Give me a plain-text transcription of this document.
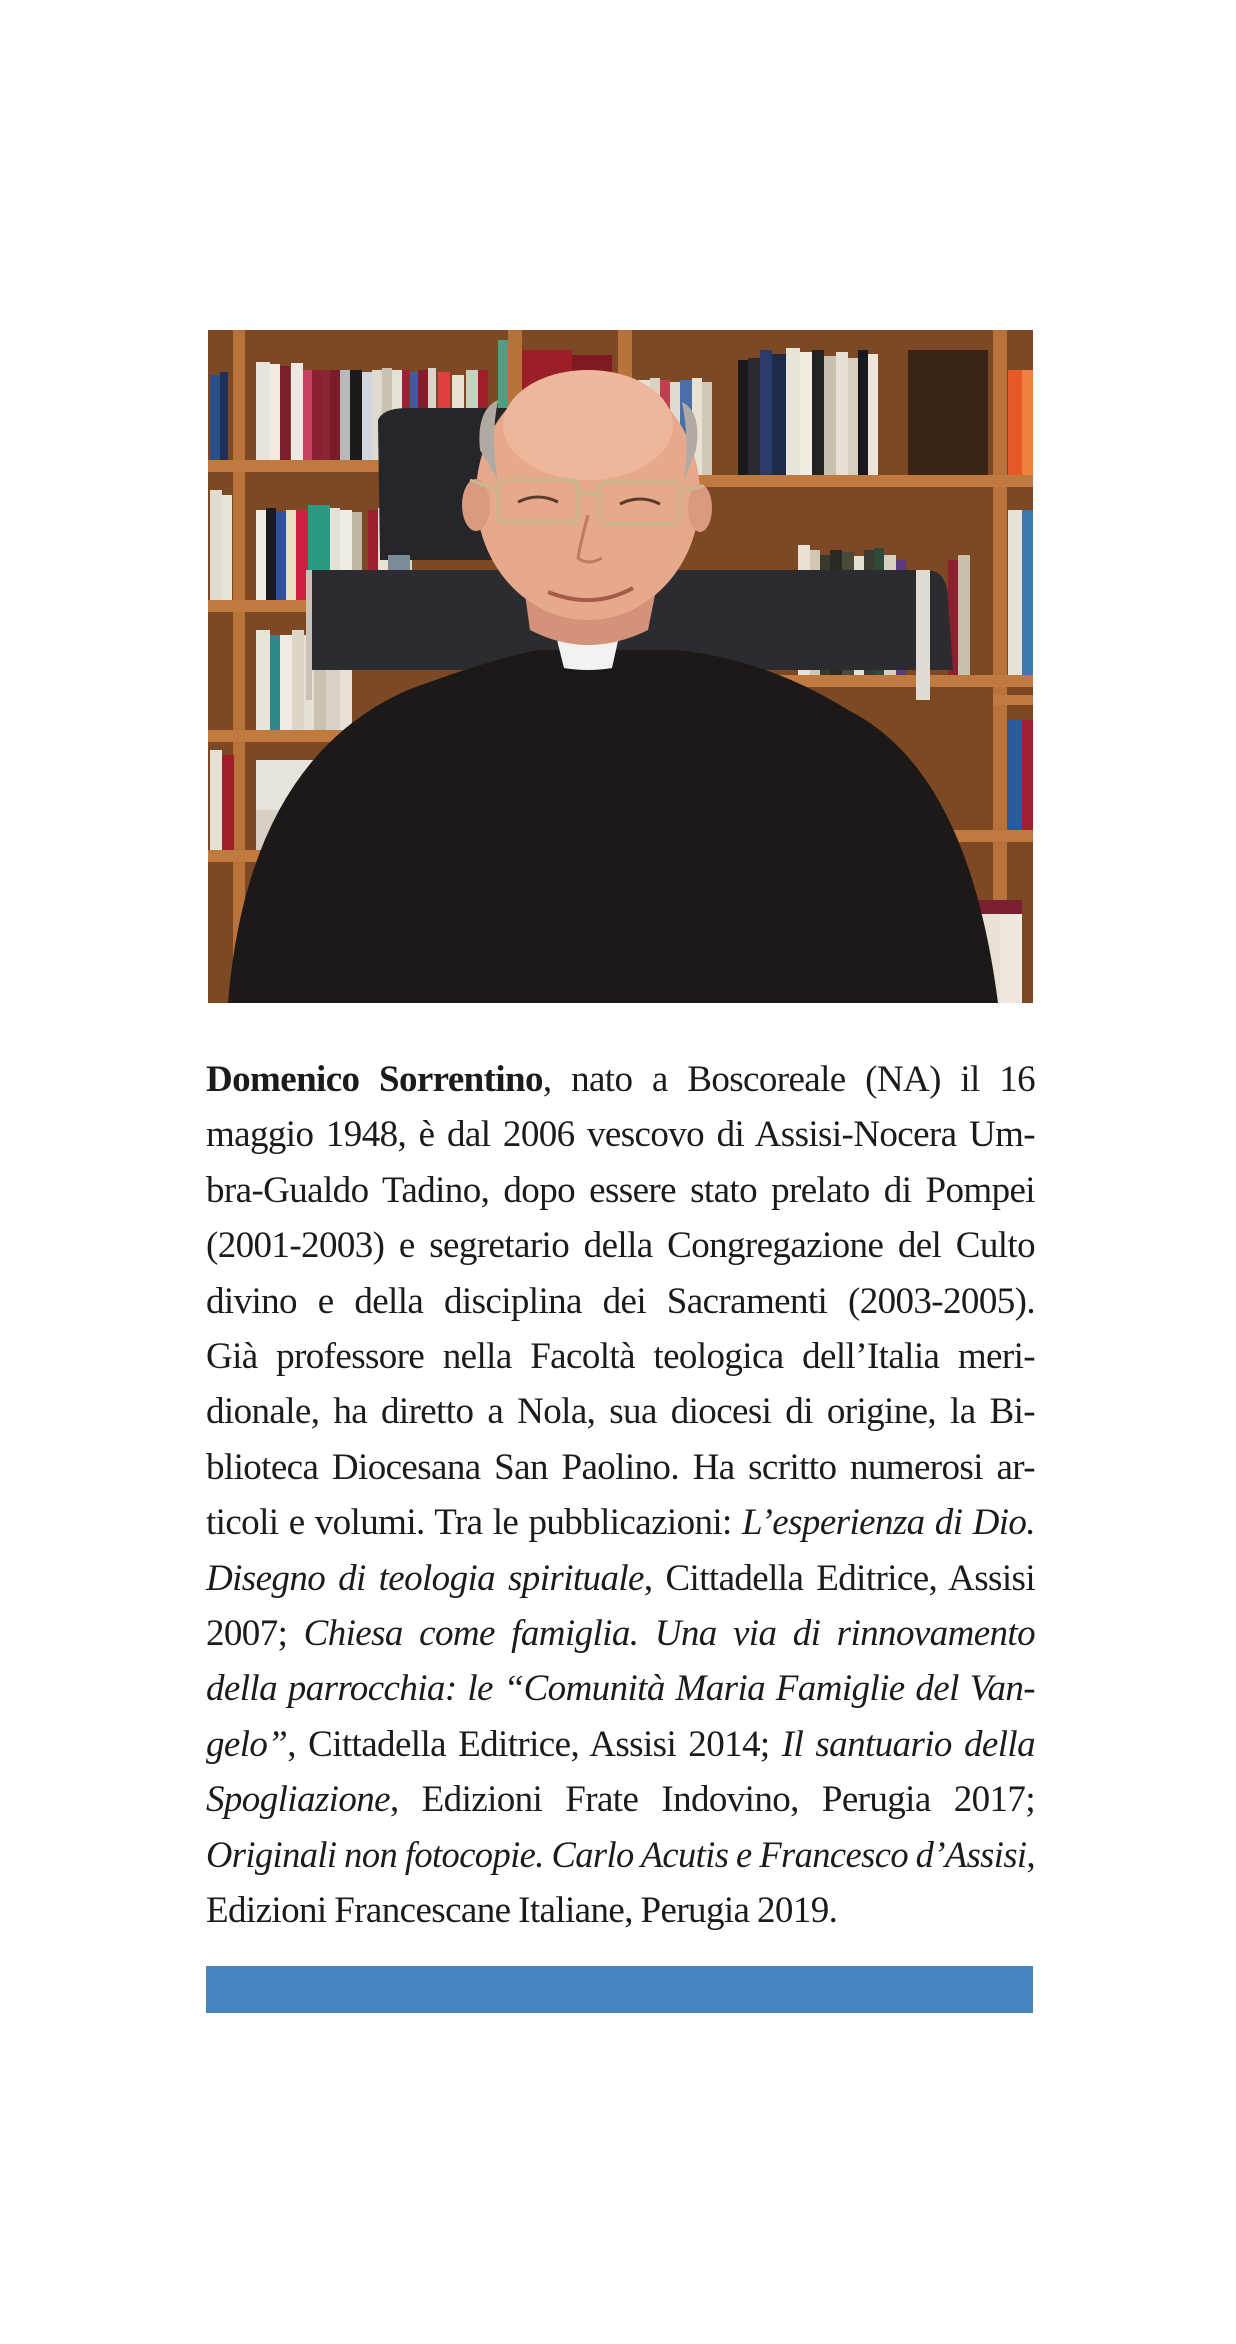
Domenico Sorrentino, nato a Boscoreale (NA) il 16
maggio 1948, è dal 2006 vescovo di Assisi-Nocera Um-
bra-Gualdo Tadino, dopo essere stato prelato di Pompei
(2001-2003) e segretario della Congregazione del Culto
divino e della disciplina dei Sacramenti (2003-2005).
Già professore nella Facoltà teologica dell’Italia meri-
dionale, ha diretto a Nola, sua diocesi di origine, la Bi-
blioteca Diocesana San Paolino. Ha scritto numerosi ar-
ticoli e volumi. Tra le pubblicazioni: L’esperienza di Dio.
Disegno di teologia spirituale, Cittadella Editrice, Assisi
2007; Chiesa come famiglia. Una via di rinnovamento
della parrocchia: le “Comunità Maria Famiglie del Van-
gelo”, Cittadella Editrice, Assisi 2014; Il santuario della
Spogliazione, Edizioni Frate Indovino, Perugia 2017;
Originali non fotocopie. Carlo Acutis e Francesco d’Assisi,
Edizioni Francescane Italiane, Perugia 2019.
